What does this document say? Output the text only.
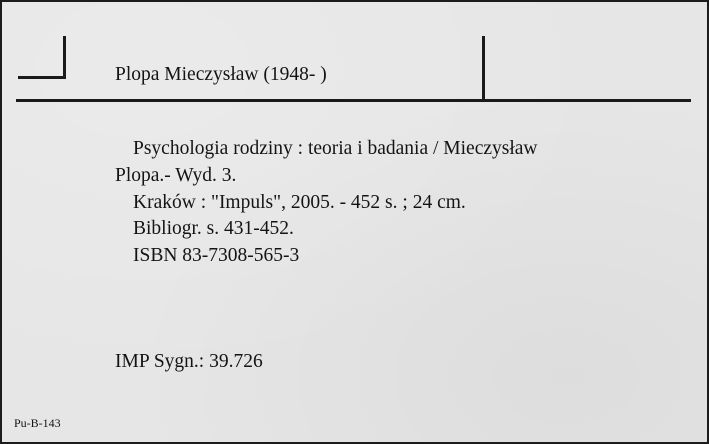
Plopa Mieczysław (1948- )
Psychologia rodziny : teoria i badania / Mieczysław
Plopa.- Wyd. 3.
Kraków : "Impuls", 2005. - 452 s. ; 24 cm.
Bibliogr. s. 431-452.
ISBN 83-7308-565-3
IMP Sygn.: 39.726
Pu-B-143
